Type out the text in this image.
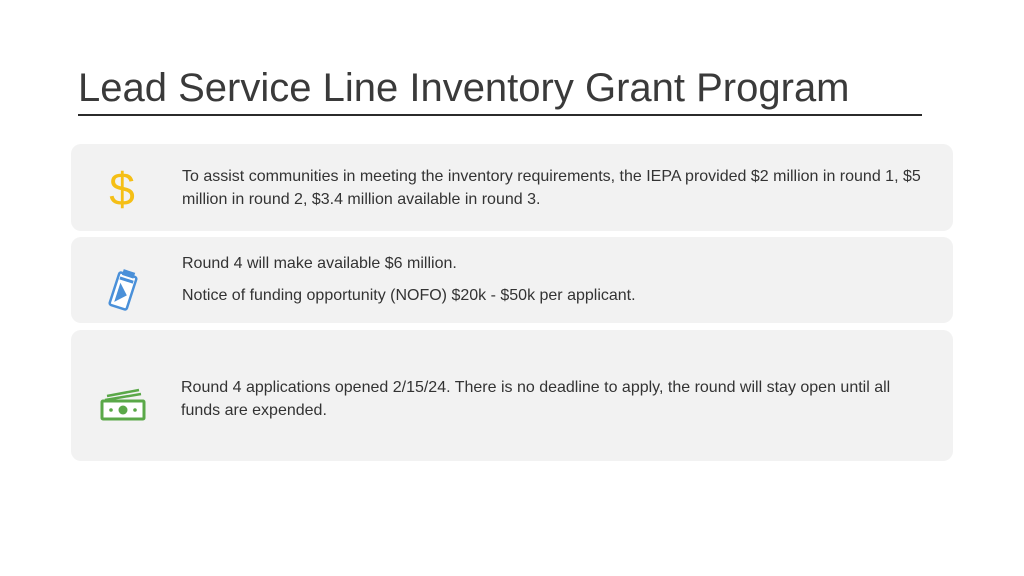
Lead Service Line Inventory Grant Program
$	To assist communities in meeting the inventory requirements, the IEPA provided $2 million in round 1, $5 million in round 2, $3.4 million available in round 3.
Round 4 will make available $6 million.
Notice of funding opportunity (NOFO) $20k - $50k per applicant.
Round 4 applications opened 2/15/24. There is no deadline to apply, the round will stay open until all funds are expended.
